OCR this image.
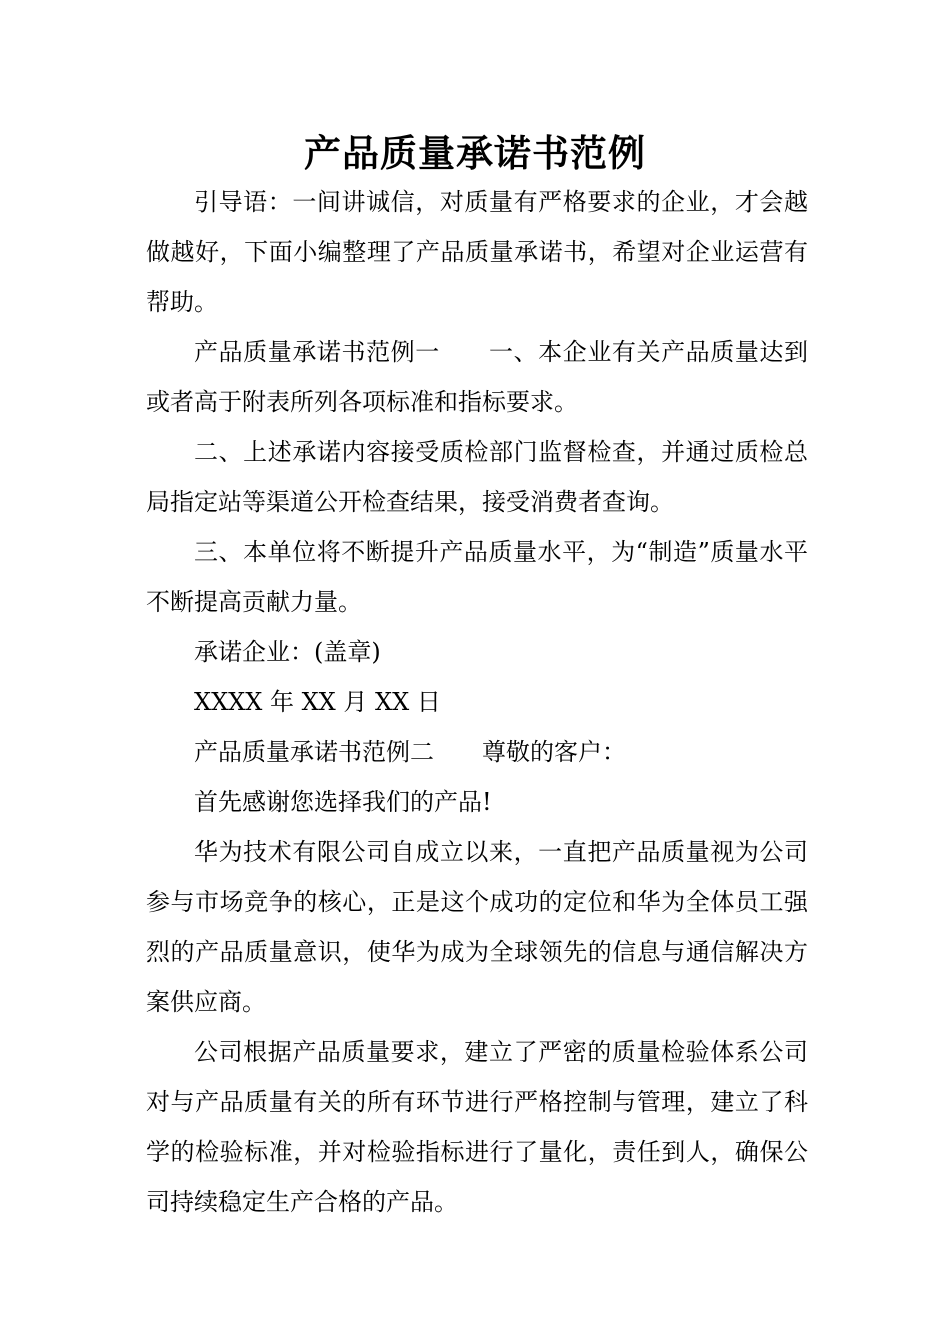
产品质量承诺书范例

引导语：一间讲诚信，对质量有严格要求的企业，才会越做越好，下面小编整理了产品质量承诺书，希望对企业运营有帮助。

产品质量承诺书范例一　　一、本企业有关产品质量达到或者高于附表所列各项标准和指标要求。

二、上述承诺内容接受质检部门监督检查，并通过质检总局指定站等渠道公开检查结果，接受消费者查询。

三、本单位将不断提升产品质量水平，为“制造”质量水平不断提高贡献力量。

承诺企业：(盖章)

XXXX 年 XX 月 XX 日

产品质量承诺书范例二　　尊敬的客户：

首先感谢您选择我们的产品!

华为技术有限公司自成立以来，一直把产品质量视为公司参与市场竞争的核心，正是这个成功的定位和华为全体员工强烈的产品质量意识，使华为成为全球领先的信息与通信解决方案供应商。

公司根据产品质量要求，建立了严密的质量检验体系公司对与产品质量有关的所有环节进行严格控制与管理，建立了科学的检验标准，并对检验指标进行了量化，责任到人，确保公司持续稳定生产合格的产品。
